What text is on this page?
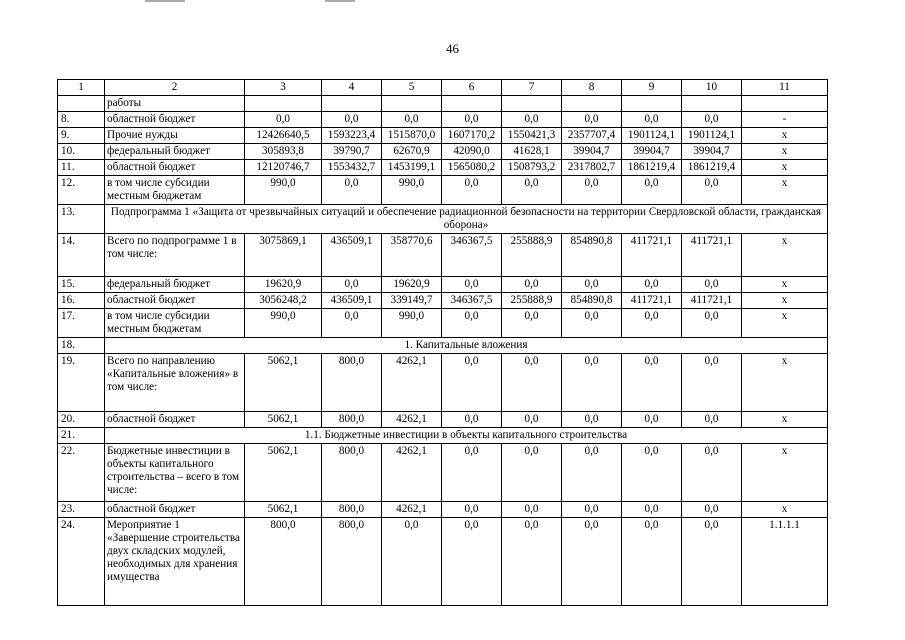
46
1	2	3	4	5	6	7	8	9	10	11
	работы									
8.	областной бюджет	0,0	0,0	0,0	0,0	0,0	0,0	0,0	0,0	-
9.	Прочие нужды	12426640,5	1593223,4	1515870,0	1607170,2	1550421,3	2357707,4	1901124,1	1901124,1	х
10.	федеральный бюджет	305893,8	39790,7	62670,9	42090,0	41628,1	39904,7	39904,7	39904,7	х
11.	областной бюджет	12120746,7	1553432,7	1453199,1	1565080,2	1508793,2	2317802,7	1861219,4	1861219,4	х
12.	в том числе субсидии местным бюджетам	990,0	0,0	990,0	0,0	0,0	0,0	0,0	0,0	х
13.	Подпрограмма 1 «Защита от чрезвычайных ситуаций и обеспечение радиационной безопасности на территории Свердловской области, гражданская оборона»									
14.	Всего по подпрограмме 1 в том числе:	3075869,1	436509,1	358770,6	346367,5	255888,9	854890,8	411721,1	411721,1	х
15.	федеральный бюджет	19620,9	0,0	19620,9	0,0	0,0	0,0	0,0	0,0	х
16.	областной бюджет	3056248,2	436509,1	339149,7	346367,5	255888,9	854890,8	411721,1	411721,1	х
17.	в том числе субсидии местным бюджетам	990,0	0,0	990,0	0,0	0,0	0,0	0,0	0,0	х
18.	1. Капитальные вложения									
19.	Всего по направлению «Капитальные вложения» в том числе:	5062,1	800,0	4262,1	0,0	0,0	0,0	0,0	0,0	х
20.	областной бюджет	5062,1	800,0	4262,1	0,0	0,0	0,0	0,0	0,0	х
21.	1.1. Бюджетные инвестиции в объекты капитального строительства									
22.	Бюджетные инвестиции в объекты капитального строительства – всего в том числе:	5062,1	800,0	4262,1	0,0	0,0	0,0	0,0	0,0	х
23.	областной бюджет	5062,1	800,0	4262,1	0,0	0,0	0,0	0,0	0,0	х
24.	Мероприятие 1 «Завершение строительства двух складских модулей, необходимых для хранения имущества	800,0	800,0	0,0	0,0	0,0	0,0	0,0	0,0	1.1.1.1
